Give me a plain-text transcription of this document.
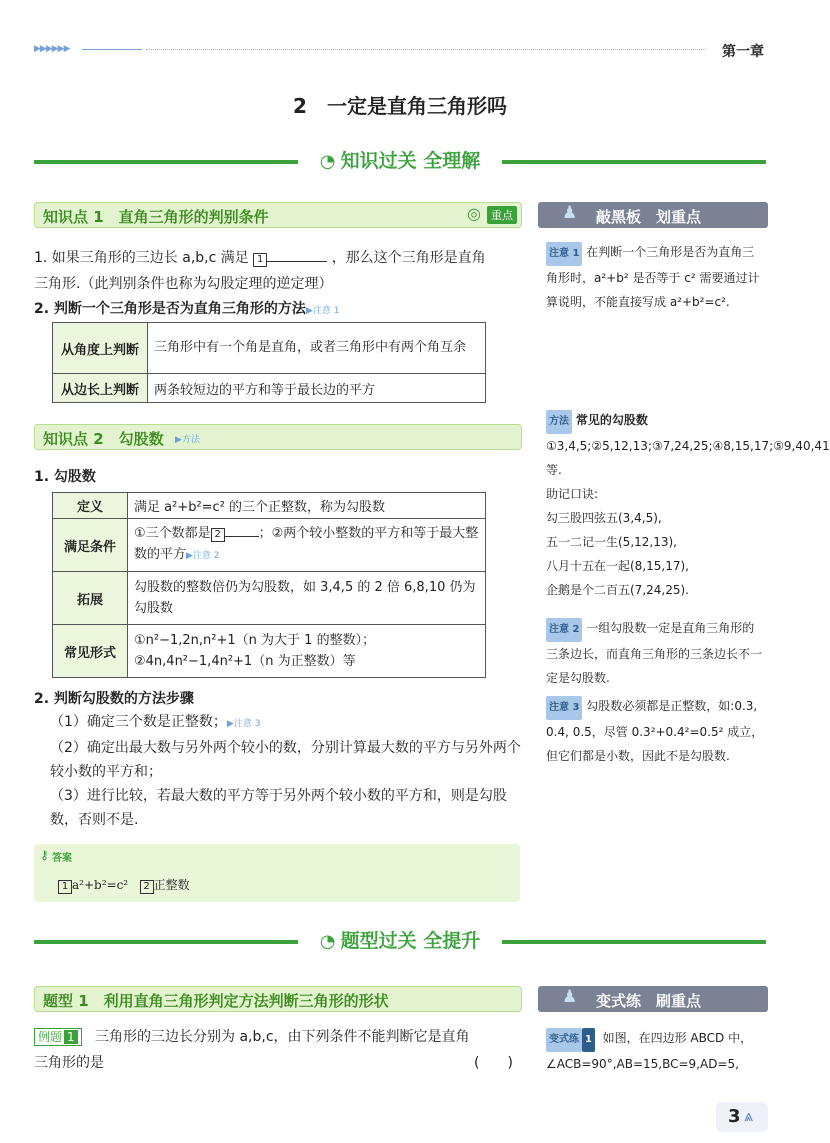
▶▶▶▶▶▶	第一章
2　一定是直角三角形吗
◔ 知识过关 全理解
知识点 1　直角三角形的判别条件	◎ 重点
1. 如果三角形的三边长 a,b,c 满足 1	，那么这个三角形是直角
三角形.（此判别条件也称为勾股定理的逆定理）
2. 判断一个三角形是否为直角三角形的方法▶注意 1
从角度上判断	三角形中有一个角是直角，或者三角形中有两个角互余
从边长上判断	两条较短边的平方和等于最长边的平方
知识点 2　勾股数 ▶方法
1. 勾股数
定义	满足 a²+b²=c² 的三个正整数，称为勾股数
满足条件	①三个数都是 2 ；②两个较小整数的平方和等于最大整数的平方▶注意 2
拓展	勾股数的整数倍仍为勾股数，如 3,4,5 的 2 倍 6,8,10 仍为勾股数
常见形式	①n²−1,2n,n²+1（n 为大于 1 的整数）；②4n,4n²−1,4n²+1（n 为正整数）等
2. 判断勾股数的方法步骤
（1）确定三个数是正整数；▶注意 3
（2）确定出最大数与另外两个较小的数，分别计算最大数的平方与另外两个较小数的平方和；
（3）进行比较，若最大数的平方等于另外两个较小数的平方和，则是勾股数，否则不是.
⚷ 答案
1 a²+b²=c² 2 正整数
♟ 敲黑板　划重点
注意 1 在判断一个三角形是否为直角三角形时，a²+b² 是否等于 c² 需要通过计算说明，不能直接写成 a²+b²=c².
方法 常见的勾股数
①3,4,5;②5,12,13;③7,24,25;④8,15,17;⑤9,40,41 等.
助记口诀:
勾三股四弦五(3,4,5),
五一二记一生(5,12,13),
八月十五在一起(8,15,17),
企鹅是个二百五(7,24,25).
注意 2 一组勾股数一定是直角三角形的三条边长，而直角三角形的三条边长不一定是勾股数.
注意 3 勾股数必须都是正整数，如:0.3, 0.4, 0.5，尽管 0.3²+0.4²=0.5² 成立，但它们都是小数，因此不是勾股数.
◔ 题型过关 全提升
题型 1　利用直角三角形判定方法判断三角形的形状
例题 1 三角形的三边长分别为 a,b,c，由下列条件不能判断它是直角
三角形的是	(　　)
♟ 变式练　刷重点
变式练 1 如图，在四边形 ABCD 中，
∠ACB=90°,AB=15,BC=9,AD=5,
3 ⩓
